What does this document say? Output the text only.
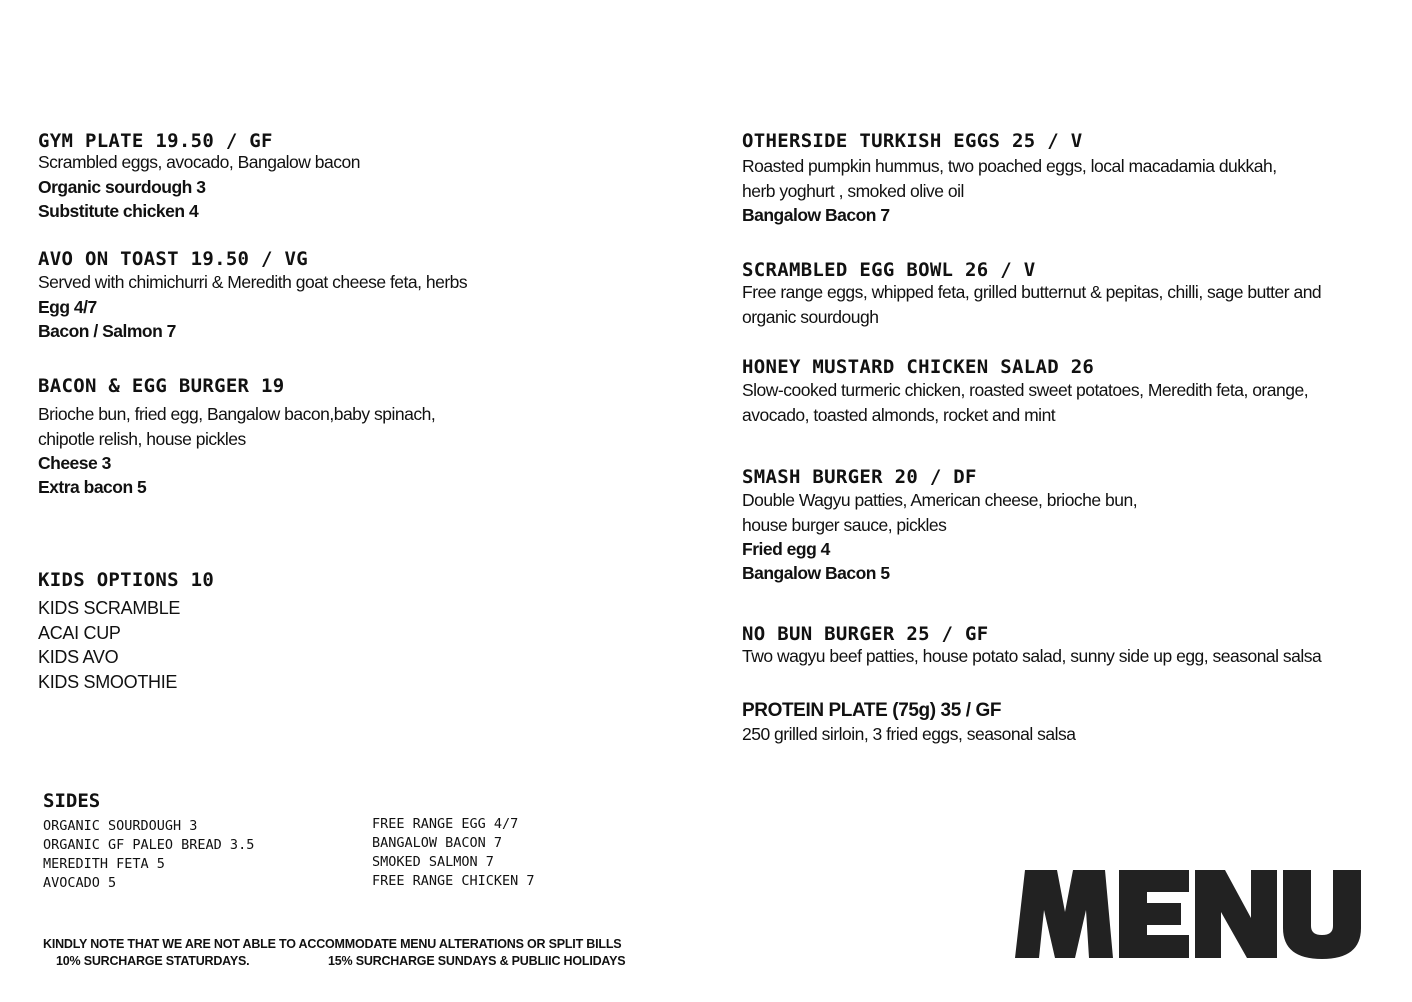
GYM PLATE 19.50 / GF
Scrambled eggs, avocado, Bangalow bacon
Organic sourdough 3
Substitute chicken 4
AVO ON TOAST 19.50 / VG
Served with chimichurri & Meredith goat cheese feta, herbs
Egg 4/7
Bacon / Salmon 7
BACON & EGG BURGER 19
Brioche bun, fried egg, Bangalow bacon,baby spinach,
chipotle relish, house pickles
Cheese 3
Extra bacon 5
KIDS OPTIONS 10
KIDS SCRAMBLE
ACAI CUP
KIDS AVO
KIDS SMOOTHIE
OTHERSIDE TURKISH EGGS 25 / V
Roasted pumpkin hummus, two poached eggs, local macadamia dukkah,
herb yoghurt , smoked olive oil
Bangalow Bacon 7
SCRAMBLED EGG BOWL 26 / V
Free range eggs, whipped feta, grilled butternut & pepitas, chilli, sage butter and
organic sourdough
HONEY MUSTARD CHICKEN SALAD 26
Slow-cooked turmeric chicken, roasted sweet potatoes, Meredith feta, orange,
avocado, toasted almonds, rocket and mint
SMASH BURGER 20 / DF
Double Wagyu patties, American cheese, brioche bun,
house burger sauce, pickles
Fried egg 4
Bangalow Bacon 5
NO BUN BURGER 25 / GF
Two wagyu beef patties, house potato salad, sunny side up egg, seasonal salsa
PROTEIN PLATE (75g) 35 / GF
250 grilled sirloin, 3 fried eggs, seasonal salsa
SIDES
ORGANIC SOURDOUGH 3
ORGANIC GF PALEO BREAD 3.5
MEREDITH FETA 5
AVOCADO 5
FREE RANGE EGG 4/7
BANGALOW BACON 7
SMOKED SALMON 7
FREE RANGE CHICKEN 7
KINDLY NOTE THAT WE ARE NOT ABLE TO ACCOMMODATE MENU ALTERATIONS OR SPLIT BILLS
10% SURCHARGE STATURDAYS.	15% SURCHARGE SUNDAYS & PUBLIIC HOLIDAYS
